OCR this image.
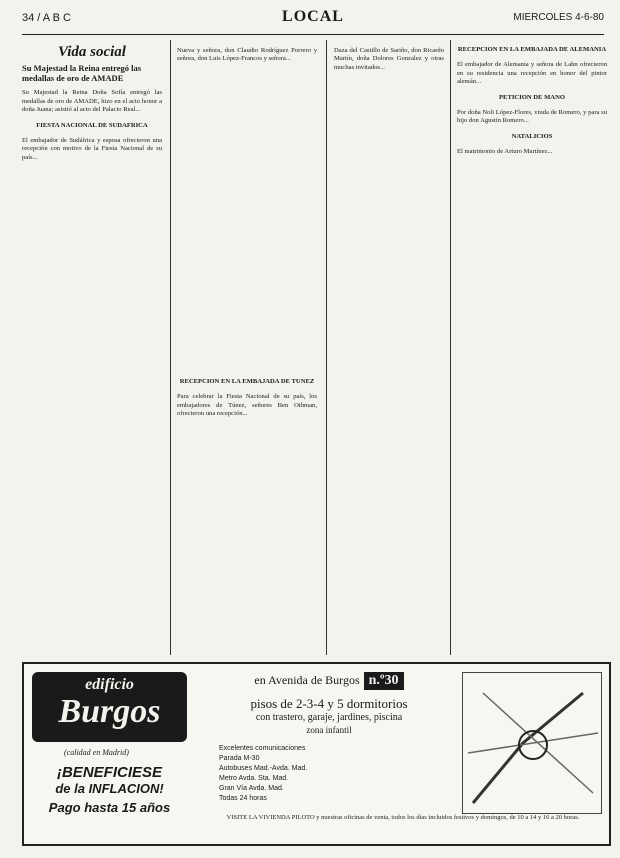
34 / A B C	LOCAL	MIERCOLES 4-6-80
Vida social
Su Majestad la Reina entregó las medallas de oro de AMADE

Su Majestad la Reina Doña Sofía entregó las medallas de oro de AMADE, hizo en el acto honor a doña Juana; asistió al acto del Palacio Real...

FIESTA NACIONAL DE SUDAFRICA

El embajador de Sudáfrica y esposa ofrecieron una recepción con motivo de la Fiesta Nacional de su país...

Nueva y señora, don Claudio Rodríguez Porrero y señora, don Luis López-Francos y señora...

RECEPCION EN LA EMBAJADA DE TUNEZ

Para celebrar la Fiesta Nacional de su país, los embajadores de Túnez, señores Ben Othman, ofrecieron una recepción...

Daza del Castillo de Sariño, don Ricardo Martín, doña Dolores Gonzalez y otras muchas invitados...

RECEPCION EN LA EMBAJADA DE ALEMANIA

El embajador de Alemania y señora de Lahn ofrecieron en su residencia una recepción en honor del pintor alemán...

PETICION DE MANO

Por doña Noli López-Flores, viuda de Romero, y para su hijo don Agustín Romero...

NATALICIOS

El matrimonio de Arturo Martínez...

edificio
Burgos
(calidad en Madrid)
¡BENEFICIESE
de la INFLACION!
Pago hasta 15 años
en Avenida de Burgos n.º30
pisos de 2-3-4 y 5 dormitorios
con trastero, garaje, jardines, piscina
zona infantil
Excelentes comunicaciones
Parada M-30
Autobuses Mad.-Avda. Mad.
Metro Avda. Sta. Mad.
Gran Vía Avda. Mad.
Todas 24 horas
VISITE LA VIVIENDA PILOTO y nuestras oficinas de venta, todos los días incluidos festivos y domingos, de 10 a 14 y 16 a 20 horas.
